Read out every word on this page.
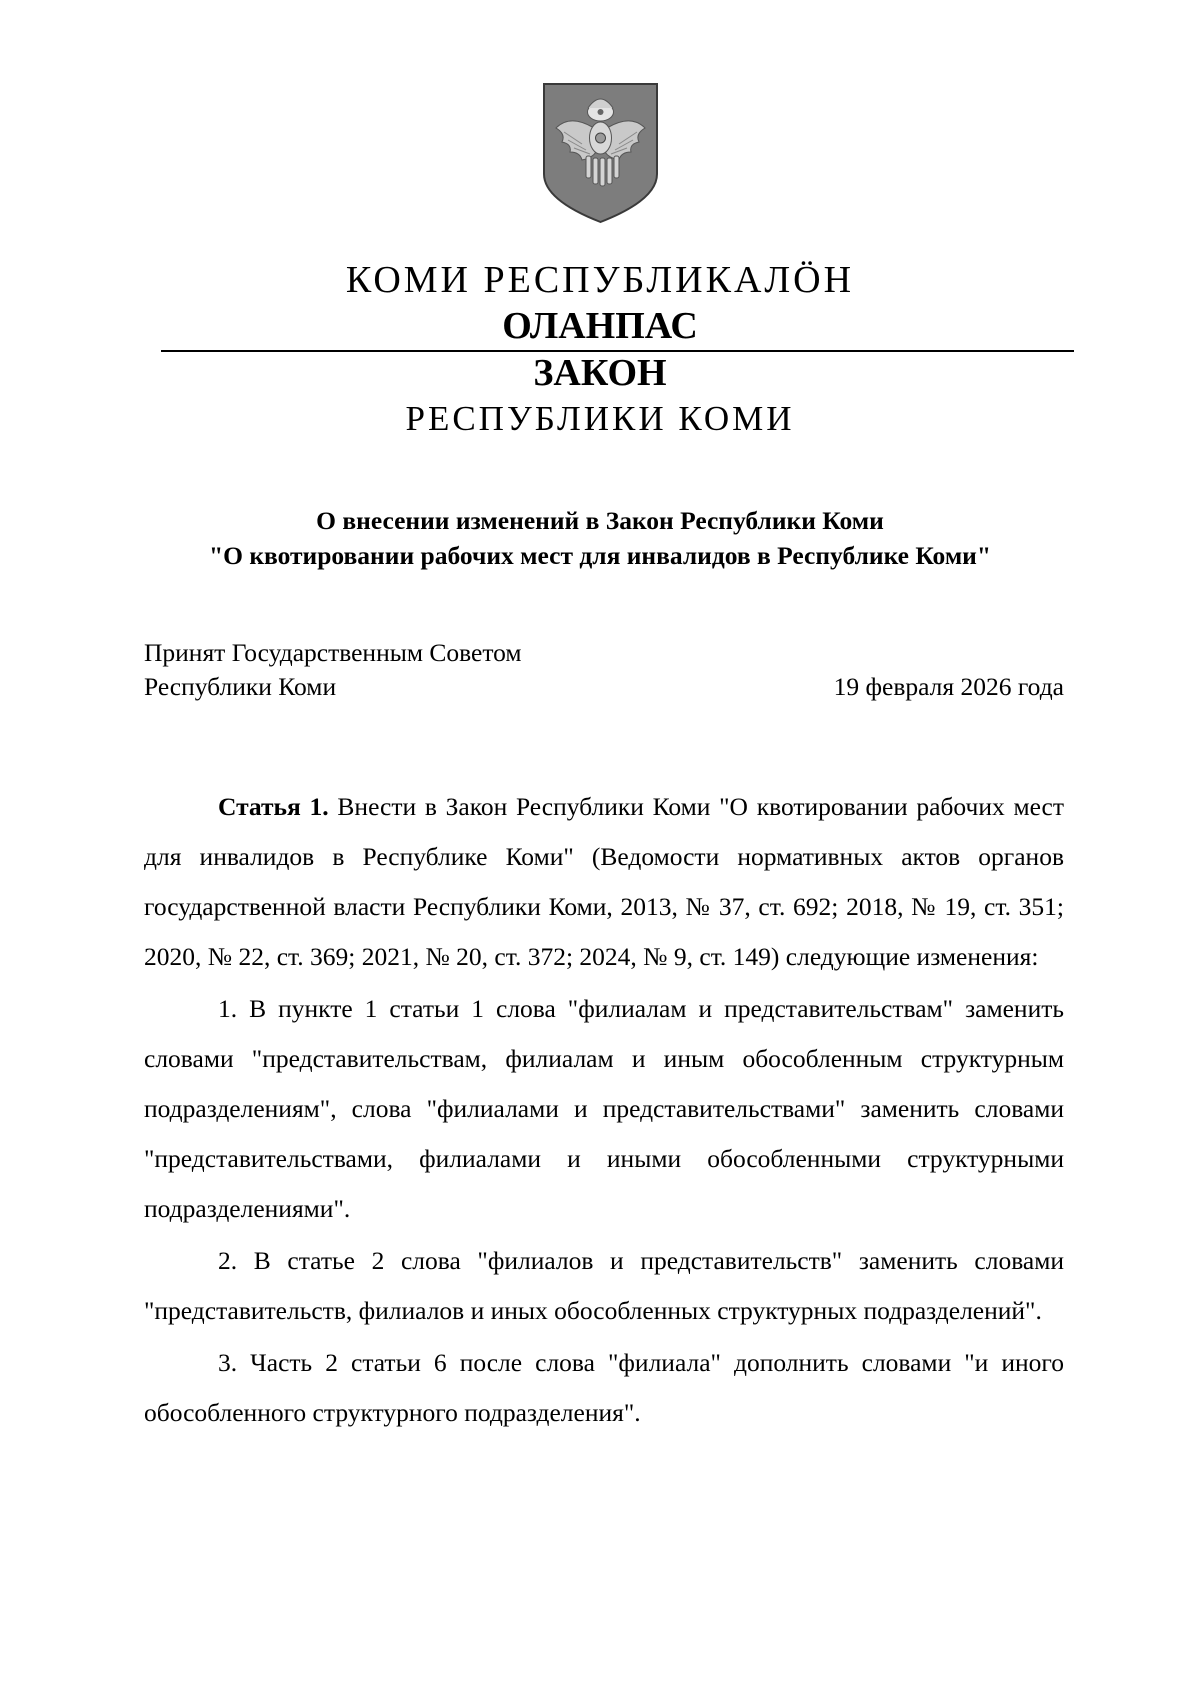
КОМИ РЕСПУБЛИКАЛÖН
ОЛАНПАС
ЗАКОН
РЕСПУБЛИКИ КОМИ
О внесении изменений в Закон Республики Коми
"О квотировании рабочих мест для инвалидов в Республике Коми"
Принят Государственным Советом
Республики Коми	19 февраля 2026 года

Статья 1. Внести в Закон Республики Коми "О квотировании рабочих мест для инвалидов в Республике Коми" (Ведомости нормативных актов органов государственной власти Республики Коми, 2013, № 37, ст. 692; 2018, № 19, ст. 351; 2020, № 22, ст. 369; 2021, № 20, ст. 372; 2024, № 9, ст. 149) следующие изменения:

1. В пункте 1 статьи 1 слова "филиалам и представительствам" заменить словами "представительствам, филиалам и иным обособленным структурным подразделениям", слова "филиалами и представительствами" заменить словами "представительствами, филиалами и иными обособленными структурными подразделениями".

2. В статье 2 слова "филиалов и представительств" заменить словами "представительств, филиалов и иных обособленных структурных подразделений".

3. Часть 2 статьи 6 после слова "филиала" дополнить словами "и иного обособленного структурного подразделения".
